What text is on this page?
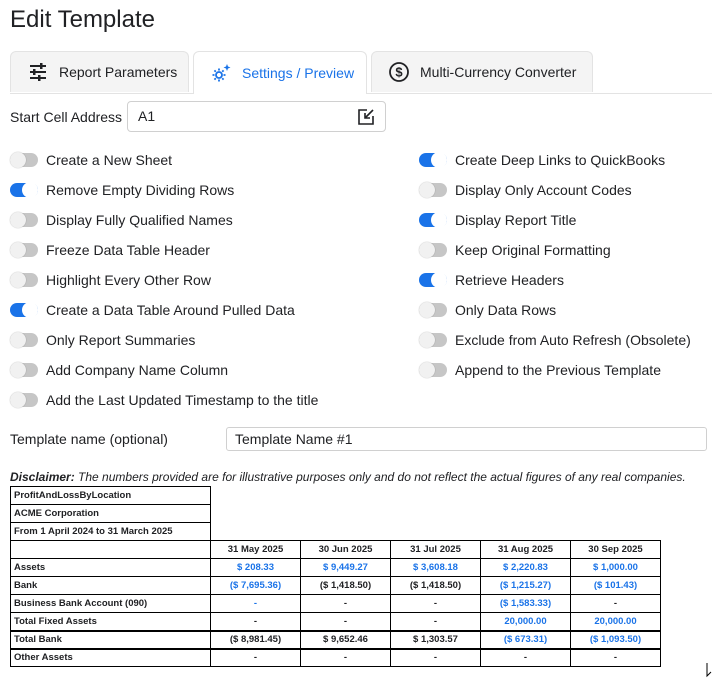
Edit Template
Report Parameters	Settings / Preview	$ Multi-Currency Converter
Start Cell Address	A1
Create a New Sheet
Remove Empty Dividing Rows
Display Fully Qualified Names
Freeze Data Table Header
Highlight Every Other Row
Create a Data Table Around Pulled Data
Only Report Summaries
Add Company Name Column
Add the Last Updated Timestamp to the title
Create Deep Links to QuickBooks
Display Only Account Codes
Display Report Title
Keep Original Formatting
Retrieve Headers
Only Data Rows
Exclude from Auto Refresh (Obsolete)
Append to the Previous Template
Template name (optional)	Template Name #1
Disclaimer: The numbers provided are for illustrative purposes only and do not reflect the actual figures of any real companies.
ProfitAndLossByLocation					
ACME Corporation					
From 1 April 2024 to 31 March 2025					
	31 May 2025	30 Jun 2025	31 Jul 2025	31 Aug 2025	30 Sep 2025
Assets	$ 208.33	$ 9,449.27	$ 3,608.18	$ 2,220.83	$ 1,000.00
Bank	($ 7,695.36)	($ 1,418.50)	($ 1,418.50)	($ 1,215.27)	($ 101.43)
Business Bank Account (090)	-	-	-	($ 1,583.33)	-
Total Fixed Assets	-	-	-	20,000.00	20,000.00
Total Bank	($ 8,981.45)	$ 9,652.46	$ 1,303.57	($ 673.31)	($ 1,093.50)
Other Assets	-	-	-	-	-
